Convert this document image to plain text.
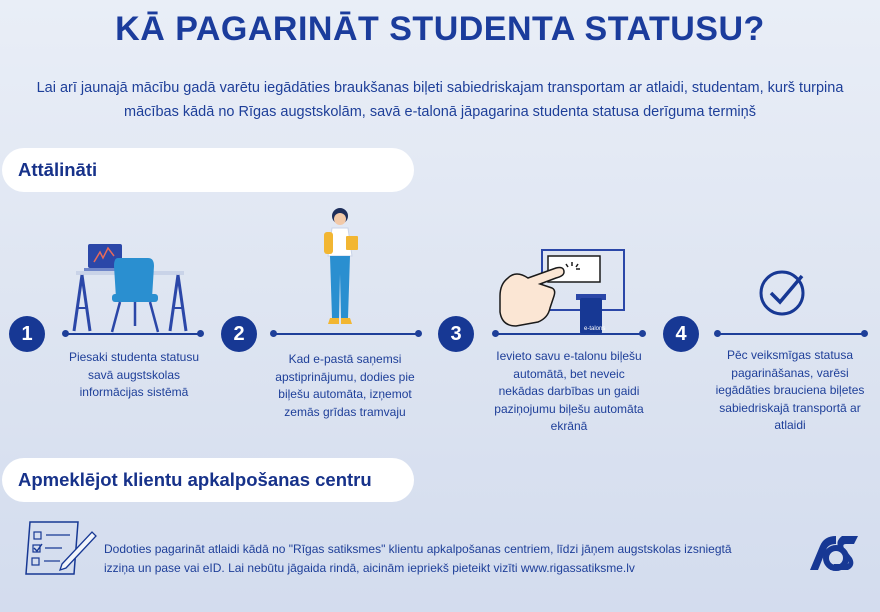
KĀ PAGARINĀT STUDENTA STATUSU?
Lai arī jaunajā mācību gadā varētu iegādāties braukšanas biļeti sabiedriskajam transportam ar atlaidi, studentam, kurš turpina mācības kādā no Rīgas augstskolām, savā e-talonā jāpagarina studenta statusa derīguma termiņš
Attālināti
e-talons
1	2	3	4
Piesaki studenta statusu savā augstskolas informācijas sistēmā
Kad e-pastā saņemsi apstiprinājumu, dodies pie biļešu automāta, izņemot zemās grīdas tramvaju
Ievieto savu e-talonu biļešu automātā, bet neveic nekādas darbības un gaidi paziņojumu biļešu automāta ekrānā
Pēc veiksmīgas statusa pagarināšanas, varēsi iegādāties brauciena biļetes sabiedriskajā transportā ar atlaidi
Apmeklējot klientu apkalpošanas centru
Dodoties pagarināt atlaidi kādā no "Rīgas satiksmes" klientu apkalpošanas centriem, līdzi jāņem augstskolas izsniegtā izziņa un pase vai eID. Lai nebūtu jāgaida rindā, aicinām iepriekš pieteikt vizīti www.rigassatiksme.lv
